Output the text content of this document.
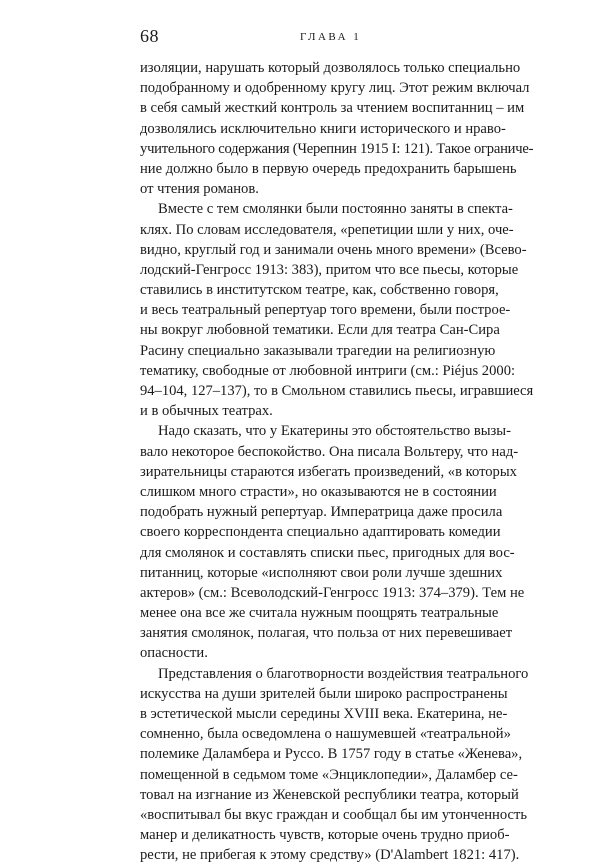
68	ГЛАВА 1
изоляции, нарушать который дозволялось только специально
подобранному и одобренному кругу лиц. Этот режим включал
в себя самый жесткий контроль за чтением воспитанниц – им
дозволялись исключительно книги исторического и нраво-
учительного содержания (Черепнин 1915 I: 121). Такое ограниче-
ние должно было в первую очередь предохранить барышень
от чтения романов.
Вместе с тем смолянки были постоянно заняты в спекта-
клях. По словам исследователя, «репетиции шли у них, оче-
видно, круглый год и занимали очень много времени» (Всево-
лодский-Генгросс 1913: 383), притом что все пьесы, которые
ставились в институтском театре, как, собственно говоря,
и весь театральный репертуар того времени, были построе-
ны вокруг любовной тематики. Если для театра Сан-Сира
Расину специально заказывали трагедии на религиозную
тематику, свободные от любовной интриги (см.: Piéjus 2000:
94–104, 127–137), то в Смольном ставились пьесы, игравшиеся
и в обычных театрах.
Надо сказать, что у Екатерины это обстоятельство вызы-
вало некоторое беспокойство. Она писала Вольтеру, что над-
зирательницы стараются избегать произведений, «в которых
слишком много страсти», но оказываются не в состоянии
подобрать нужный репертуар. Императрица даже просила
своего корреспондента специально адаптировать комедии
для смолянок и составлять списки пьес, пригодных для вос-
питанниц, которые «исполняют свои роли лучше здешних
актеров» (см.: Всеволодский-Генгросс 1913: 374–379). Тем не
менее она все же считала нужным поощрять театральные
занятия смолянок, полагая, что польза от них перевешивает
опасности.
Представления о благотворности воздействия театрального
искусства на души зрителей были широко распространены
в эстетической мысли середины XVIII века. Екатерина, не-
сомненно, была осведомлена о нашумевшей «театральной»
полемике Даламбера и Руссо. В 1757 году в статье «Женева»,
помещенной в седьмом томе «Энциклопедии», Даламбер се-
товал на изгнание из Женевской республики театра, который
«воспитывал бы вкус граждан и сообщал бы им утонченность
манер и деликатность чувств, которые очень трудно приоб-
рести, не прибегая к этому средству» (D'Alambert 1821: 417).
